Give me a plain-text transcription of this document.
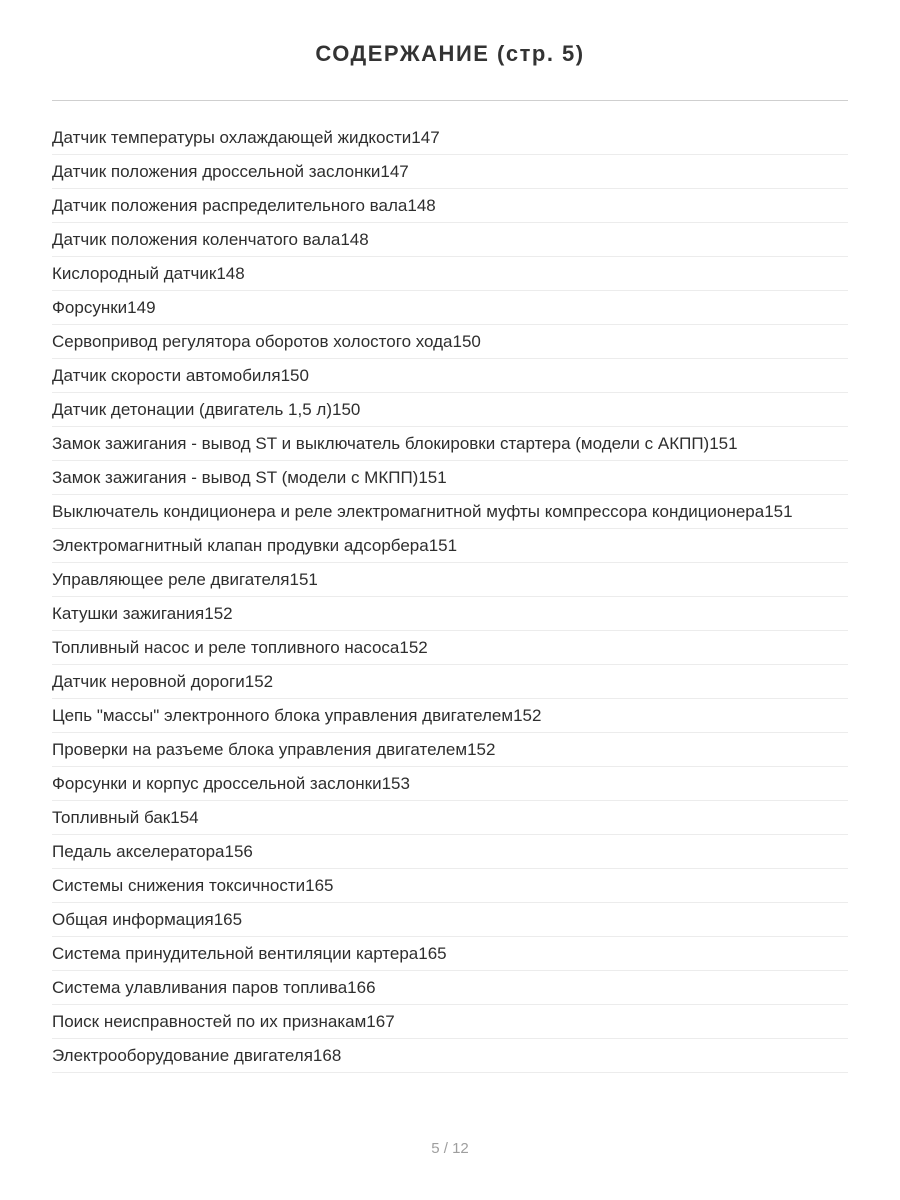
СОДЕРЖАНИЕ (стр. 5)
Датчик температуры охлаждающей жидкости147
Датчик положения дроссельной заслонки147
Датчик положения распределительного вала148
Датчик положения коленчатого вала148
Кислородный датчик148
Форсунки149
Сервопривод регулятора оборотов холостого хода150
Датчик скорости автомобиля150
Датчик детонации (двигатель 1,5 л)150
Замок зажигания - вывод ST и выключатель блокировки стартера (модели с АКПП)151
Замок зажигания - вывод ST (модели с МКПП)151
Выключатель кондиционера и реле электромагнитной муфты компрессора кондиционера151
Электромагнитный клапан продувки адсорбера151
Управляющее реле двигателя151
Катушки зажигания152
Топливный насос и реле топливного насоса152
Датчик неровной дороги152
Цепь "массы" электронного блока управления двигателем152
Проверки на разъеме блока управления двигателем152
Форсунки и корпус дроссельной заслонки153
Топливный бак154
Педаль акселератора156
Системы снижения токсичности165
Общая информация165
Система принудительной вентиляции картера165
Система улавливания паров топлива166
Поиск неисправностей по их признакам167
Электрооборудование двигателя168
5 / 12
